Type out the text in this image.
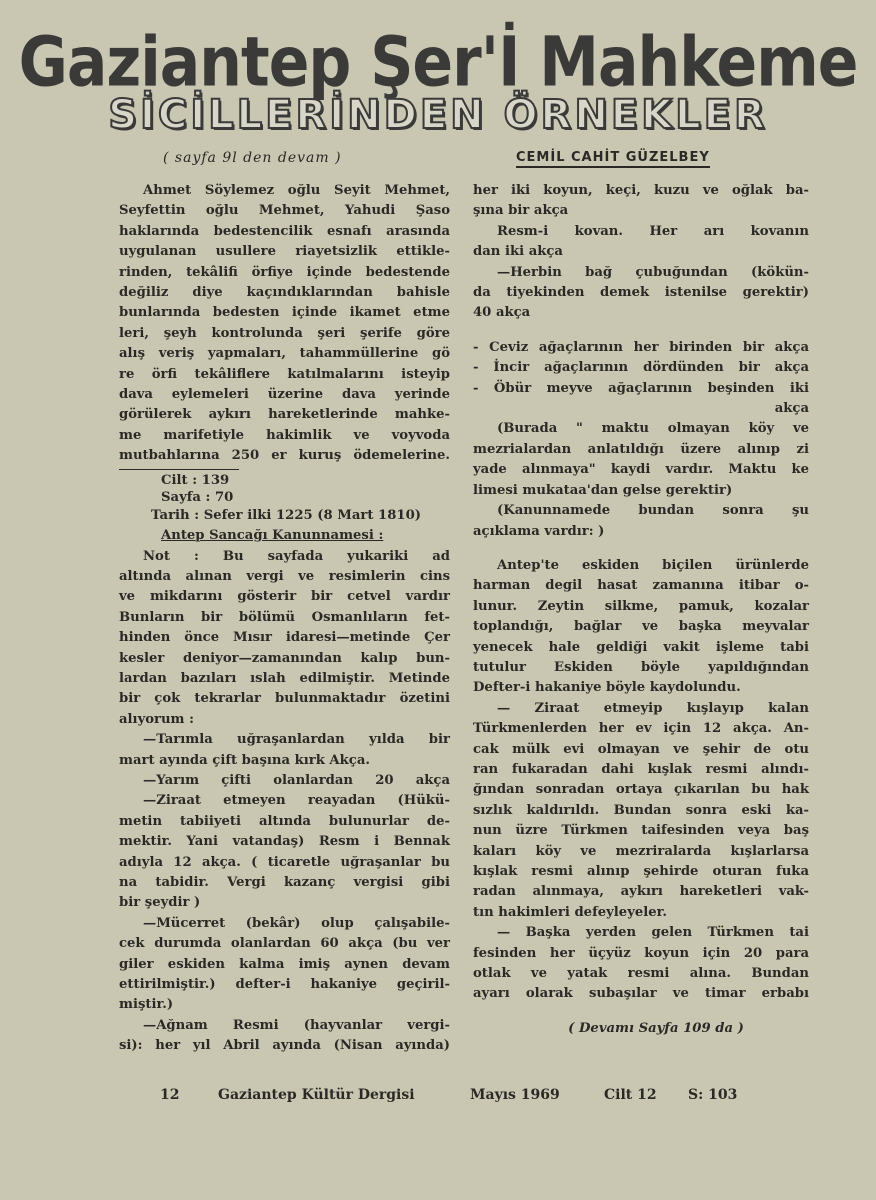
Gaziantep Şer'İ Mahkeme
SİCİLLERİNDEN ÖRNEKLER
( sayfa 9l den devam )	CEMİL CAHİT GÜZELBEY

Ahmet Söylemez oğlu Seyit Mehmet,

Seyfettin oğlu Mehmet, Yahudi Şaso

hakları​nda bedestencilik esnafı arasında

uygulanan usullere riayetsizlik ettikle-

rinden, tekâlifi örfiye içinde bedestende

değiliz diye kaçındıklarından bahisle

bunlarında bedesten içinde ikamet etme

leri, şeyh kontrolunda şeri şerife göre

alış veriş yapmaları, tahammüllerine gö

re örfi tekâliflere katılmalarını isteyip

dava eylemeleri üzerine dava yerinde

görülerek aykırı hareketlerinde mahke-

me marifetiyle hakimlik ve voyvoda

mutbahlarına 250 er kuruş ödemelerine.

Cilt : 139

Sayfa : 70

Tarih : Sefer ilki 1225 (8 Mart 1810)

Antep Sancağı Kanunnamesi :

Not : Bu sayfada yukariki ad

altında alınan vergi ve resimlerin cins

ve mikdarını gösterir bir cetvel vardır

Bunların bir bölümü Osmanlıların fet-

hinden önce Mısır idaresi—metinde Çer

kesler deniyor—zamanından kalıp bun-

lardan bazıları ıslah edilmiştir. Metinde

bir çok tekrarlar bulunmaktadır özetini

alıyorum :

—Tarımla uğraşanlardan yılda bir

mart ayında çift başına kırk Akça.

—Yarım çifti olanlardan 20 akça

—Ziraat etmeyen reayadan (Hükü-

metin tabiiyeti altında bulunurlar de-

mektir. Yani vatandaş) Resm i Bennak

adıyla 12 akça. ( ticaretle uğraşanlar bu

na tabidir. Vergi kazanç vergisi gibi

bir şeydir )

—Mücerret (bekâr) olup çalışabile-

cek durumda olanlardan 60 akça (bu ver

giler eskiden kalma imiş aynen devam

ettirilmiştir.) defter-i hakaniye geçiril-

miştir.)

—Ağnam Resmi (hayvanlar vergi-

si): her yıl Abril ayında (Nisan ayında)

her iki koyun, keçi, kuzu ve oğlak ba-

şına bir akça

Resm-i kovan. Her arı kovanın

dan iki akça

—Herbin bağ çubuğundan (kökün-

da tiyekinden demek istenilse gerektir)

40 akça

- Ceviz ağaçlarının her birinden bir akça

- İncir ağaçlarının dördünden bir akça

- Öbür meyve ağaçlarının beşinden iki

akça

(Burada " maktu olmayan köy ve

mezrialardan anlatıldığı üzere alınıp zi

yade alınmaya" kaydi vardır. Maktu ke

limesi mukataa'dan gelse gerektir)

(Kanunnamede bundan sonra şu

açıklama vardır: )

Antep'te eskiden biçilen ürünlerde

harman degil hasat zamanına itibar o-

lunur. Zeytin silkme, pamuk, kozalar

toplandığı, bağlar ve başka meyvalar

yenecek hale geldiği vakit işleme tabi

tutulur Eskiden böyle yapıldığından

Defter-i hakaniye böyle kaydolundu.

— Ziraat etmeyip kışlayıp kalan

Türkmenlerden her ev için 12 akça. An-

cak mülk evi olmayan ve şehir de otu

ran fukaradan dahi kışlak resmi alındı-

ğından sonradan ortaya çıkarılan bu hak

sızlık kaldırıldı. Bundan sonra eski ka-

nun üzre Türkmen taifesinden veya baş

kaları köy ve mezriralarda kışlarlarsa

kışlak resmi alınıp şehirde oturan fuka

radan alınmaya, aykırı hareketleri vak-

tın hakimleri defeyleyeler.

— Başka yerden gelen Türkmen tai

fesinden her üçyüz koyun için 20 para

otlak ve yatak resmi alına. Bundan

ayarı olarak subaşılar ve timar erbabı

( Devamı Sayfa 109 da )

12	Gaziantep Kültür Dergisi	Mayıs 1969	Cilt 12 S: 103
